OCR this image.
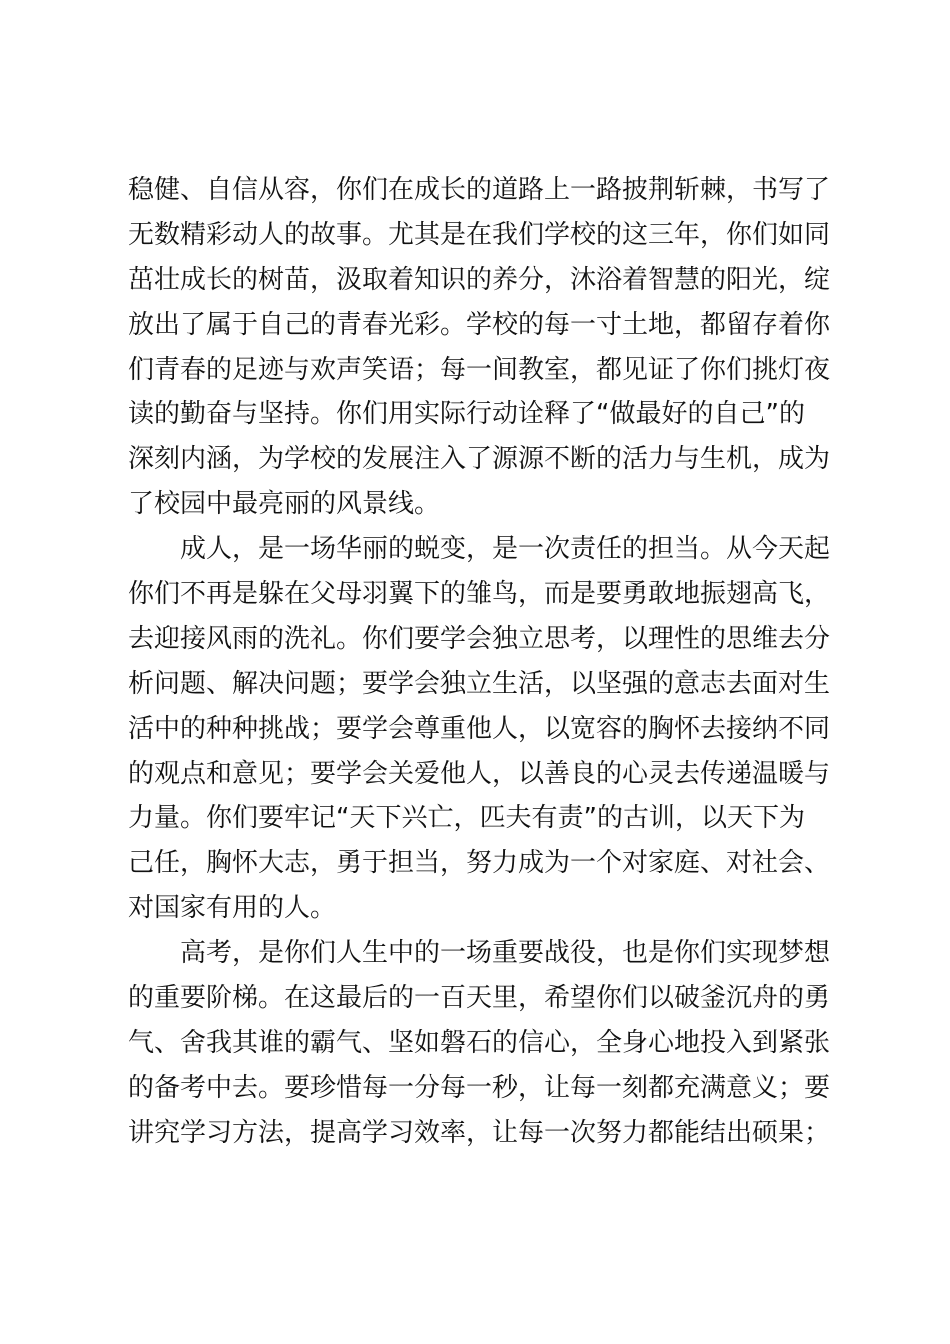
稳健、自信从容，你们在成长的道路上一路披荆斩棘，书写了
无数精彩动人的故事。尤其是在我们学校的这三年，你们如同
茁壮成长的树苗，汲取着知识的养分，沐浴着智慧的阳光，绽
放出了属于自己的青春光彩。学校的每一寸土地，都留存着你
们青春的足迹与欢声笑语；每一间教室，都见证了你们挑灯夜
读的勤奋与坚持。你们用实际行动诠释了“做最好的自己”的
深刻内涵，为学校的发展注入了源源不断的活力与生机，成为
了校园中最亮丽的风景线。
成人，是一场华丽的蜕变，是一次责任的担当。从今天起
你们不再是躲在父母羽翼下的雏鸟，而是要勇敢地振翅高飞，
去迎接风雨的洗礼。你们要学会独立思考，以理性的思维去分
析问题、解决问题；要学会独立生活，以坚强的意志去面对生
活中的种种挑战；要学会尊重他人，以宽容的胸怀去接纳不同
的观点和意见；要学会关爱他人，以善良的心灵去传递温暖与
力量。你们要牢记“天下兴亡，匹夫有责”的古训，以天下为
己任，胸怀大志，勇于担当，努力成为一个对家庭、对社会、
对国家有用的人。
高考，是你们人生中的一场重要战役，也是你们实现梦想
的重要阶梯。在这最后的一百天里，希望你们以破釜沉舟的勇
气、舍我其谁的霸气、坚如磐石的信心，全身心地投入到紧张
的备考中去。要珍惜每一分每一秒，让每一刻都充满意义；要
讲究学习方法，提高学习效率，让每一次努力都能结出硕果；
